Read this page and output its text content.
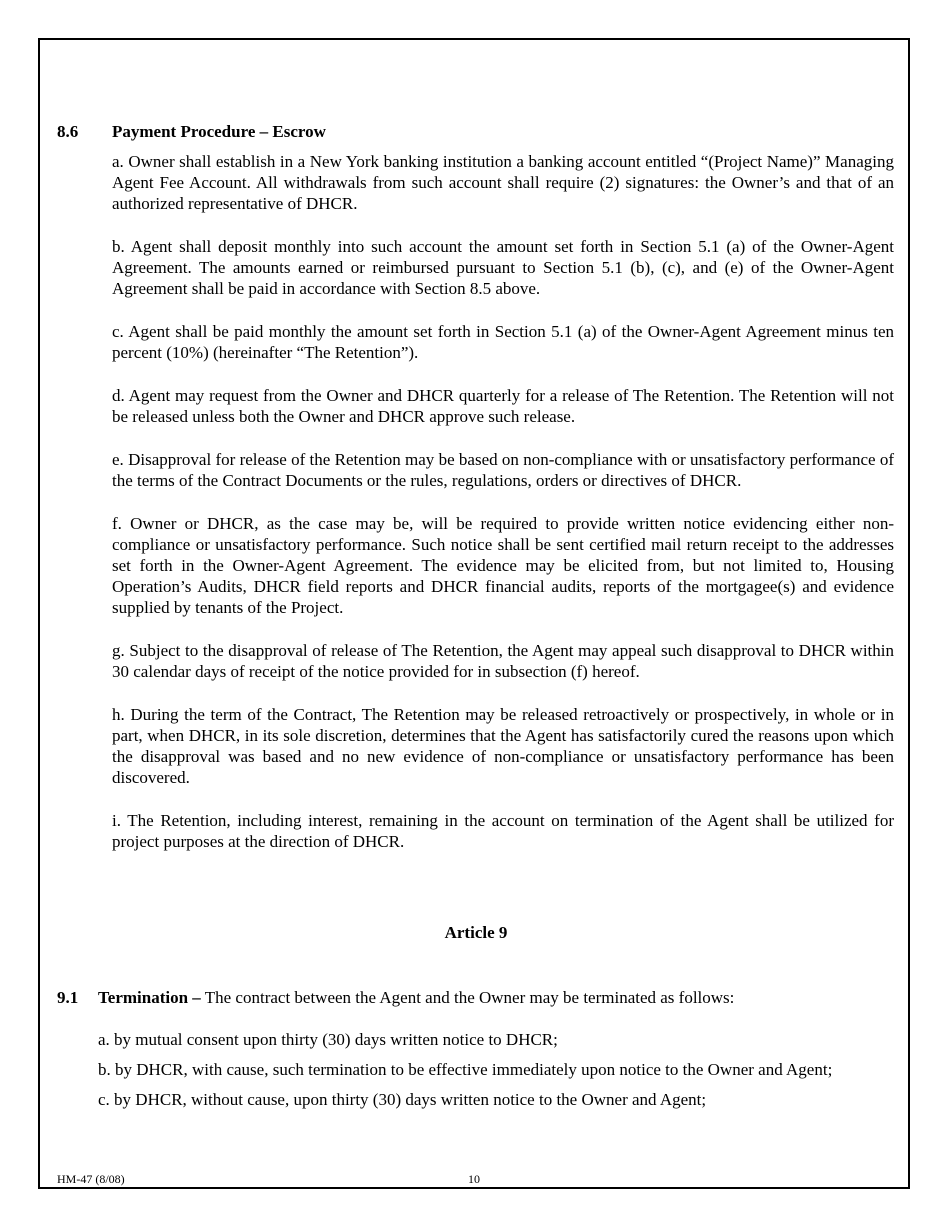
8.6 Payment Procedure – Escrow

a. Owner shall establish in a New York banking institution a banking account entitled “(Project Name)” Managing Agent Fee Account. All withdrawals from such account shall require (2) signatures: the Owner’s and that of an authorized representative of DHCR.

b. Agent shall deposit monthly into such account the amount set forth in Section 5.1 (a) of the Owner-Agent Agreement. The amounts earned or reimbursed pursuant to Section 5.1 (b), (c), and (e) of the Owner-Agent Agreement shall be paid in accordance with Section 8.5 above.

c. Agent shall be paid monthly the amount set forth in Section 5.1 (a) of the Owner-Agent Agreement minus ten percent (10%) (hereinafter “The Retention”).

d. Agent may request from the Owner and DHCR quarterly for a release of The Retention. The Retention will not be released unless both the Owner and DHCR approve such release.

e. Disapproval for release of the Retention may be based on non-compliance with or unsatisfactory performance of the terms of the Contract Documents or the rules, regulations, orders or directives of DHCR.

f. Owner or DHCR, as the case may be, will be required to provide written notice evidencing either non-compliance or unsatisfactory performance. Such notice shall be sent certified mail return receipt to the addresses set forth in the Owner-Agent Agreement. The evidence may be elicited from, but not limited to, Housing Operation’s Audits, DHCR field reports and DHCR financial audits, reports of the mortgagee(s) and evidence supplied by tenants of the Project.

g. Subject to the disapproval of release of The Retention, the Agent may appeal such disapproval to DHCR within 30 calendar days of receipt of the notice provided for in subsection (f) hereof.

h. During the term of the Contract, The Retention may be released retroactively or prospectively, in whole or in part, when DHCR, in its sole discretion, determines that the Agent has satisfactorily cured the reasons upon which the disapproval was based and no new evidence of non-compliance or unsatisfactory performance has been discovered.

i. The Retention, including interest, remaining in the account on termination of the Agent shall be utilized for project purposes at the direction of DHCR.

Article 9
9.1 Termination – The contract between the Agent and the Owner may be terminated as follows:

a. by mutual consent upon thirty (30) days written notice to DHCR;

b. by DHCR, with cause, such termination to be effective immediately upon notice to the Owner and Agent;

c. by DHCR, without cause, upon thirty (30) days written notice to the Owner and Agent;

HM-47 (8/08)	10
